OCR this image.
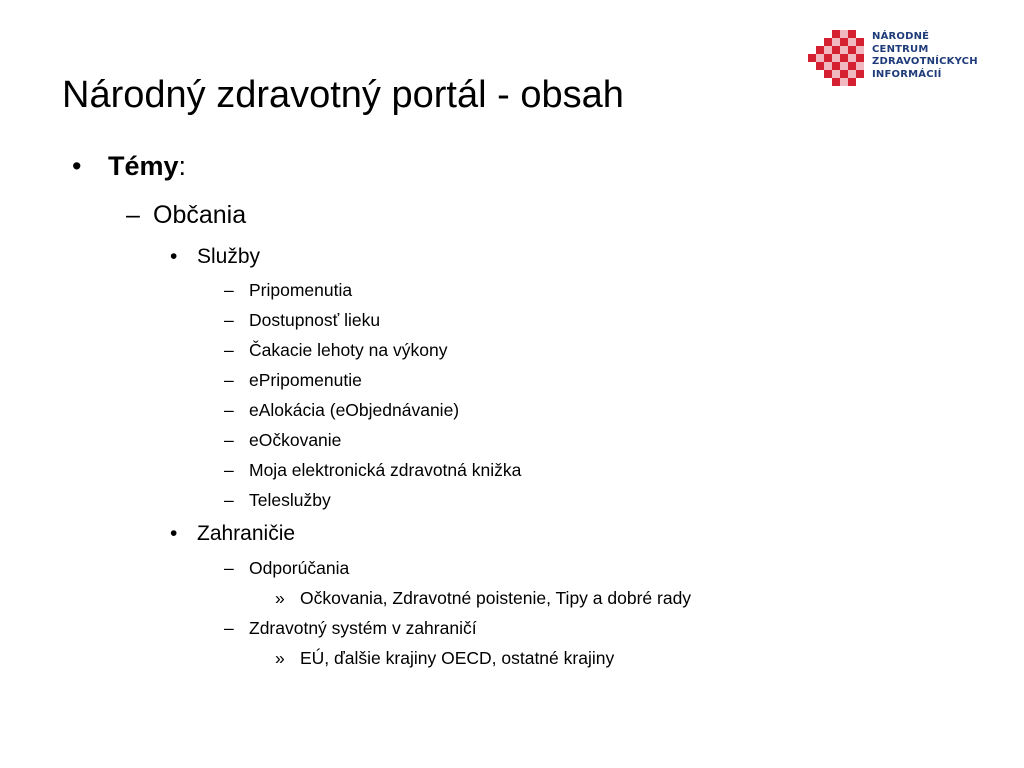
Národný zdravotný portál - obsah
NÁRODNÉ
CENTRUM
ZDRAVOTNÍCKYCH
INFORMÁCIÍ
• Témy:
– Občania
• Služby
– Pripomenutia
– Dostupnosť lieku
– Čakacie lehoty na výkony
– ePripomenutie
– eAlokácia (eObjednávanie)
– eOčkovanie
– Moja elektronická zdravotná knižka
– Teleslužby
• Zahraničie
– Odporúčania
» Očkovania, Zdravotné poistenie, Tipy a dobré rady
– Zdravotný systém v zahraničí
» EÚ, ďalšie krajiny OECD, ostatné krajiny
